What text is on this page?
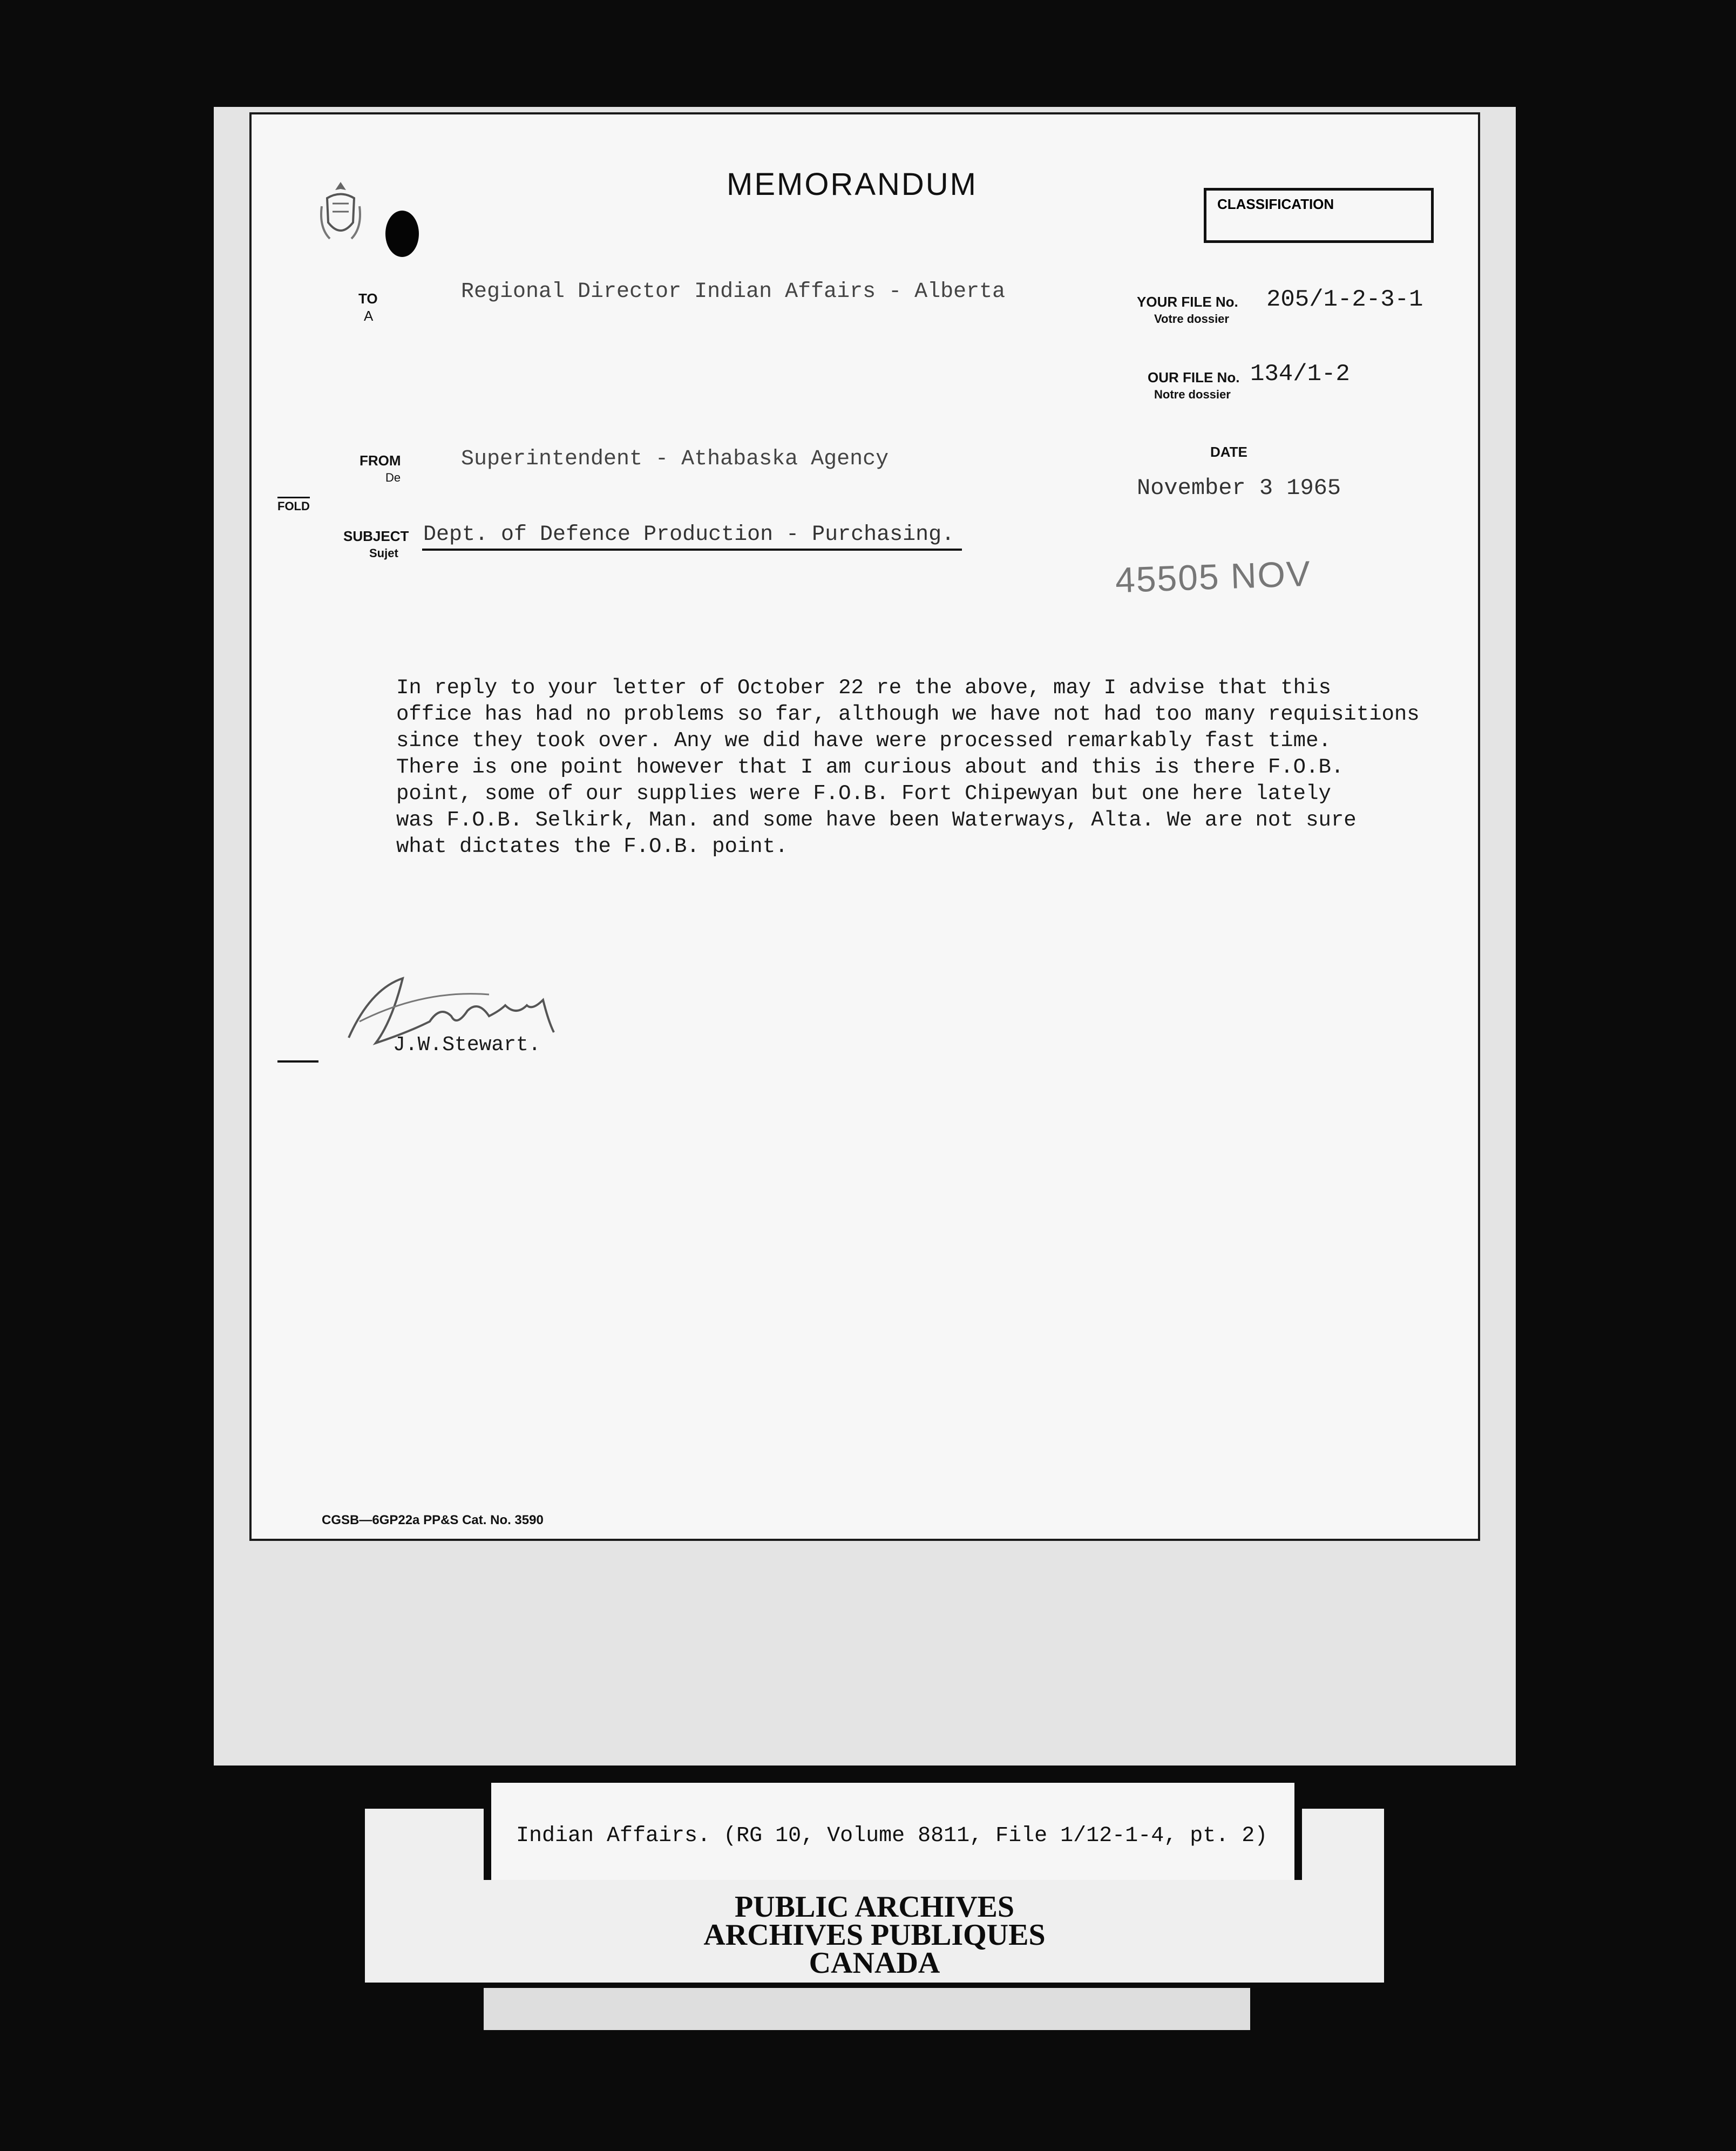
MEMORANDUM
CLASSIFICATION
TO
A
Regional Director Indian Affairs - Alberta	YOUR FILE No.
Votre dossier
205/1-2-3-1
OUR FILE No.
Notre dossier
134/1-2
FROM
De
Superintendent - Athabaska Agency	DATE
November 3 1965
FOLD
SUBJECT
Sujet
Dept. of Defence Production - Purchasing.
45505 NOV
In reply to your letter of October 22 re the above, may I advise that this
office has had no problems so far, although we have not had too many requisitions
since they took over. Any we did have were processed remarkably fast time.
There is one point however that I am curious about and this is there F.O.B.
point, some of our supplies were F.O.B. Fort Chipewyan but one here lately
was F.O.B. Selkirk, Man. and some have been Waterways, Alta. We are not sure
what dictates the F.O.B. point.
J.W.Stewart.
CGSB—6GP22a PP&S Cat. No. 3590
Indian Affairs. (RG 10, Volume 8811, File 1/12-1-4, pt. 2)
PUBLIC ARCHIVES
ARCHIVES PUBLIQUES
CANADA
